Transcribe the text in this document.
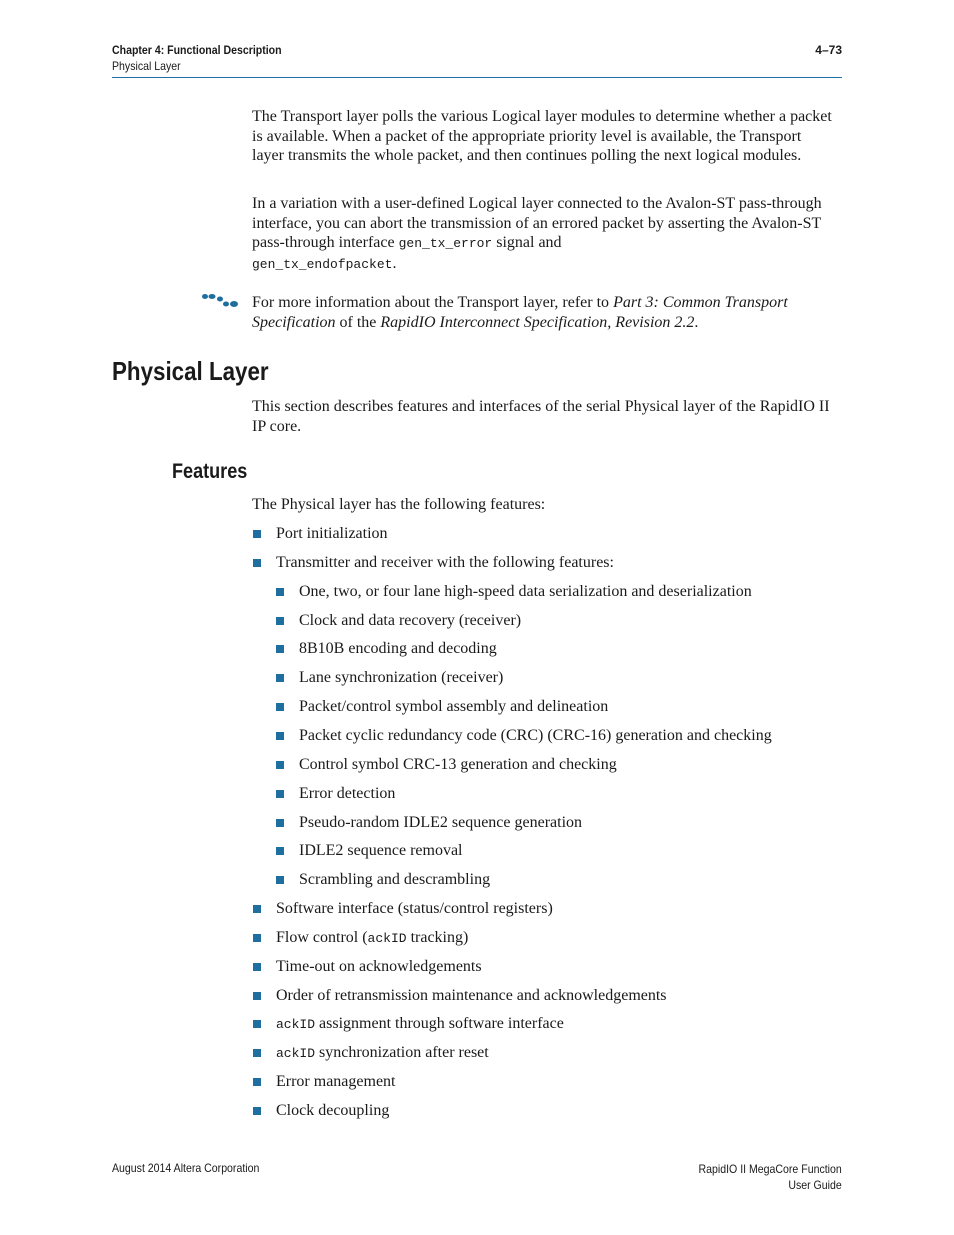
Chapter 4: Functional Description	4–73
Physical Layer

The Transport layer polls the various Logical layer modules to determine whether a packet is available. When a packet of the appropriate priority level is available, the Transport layer transmits the whole packet, and then continues polling the next logical modules.

In a variation with a user-defined Logical layer connected to the Avalon-ST pass-through interface, you can abort the transmission of an errored packet by asserting the Avalon-ST pass-through interface gen_tx_error signal and
gen_tx_endofpacket.

For more information about the Transport layer, refer to Part 3: Common Transport Specification of the RapidIO Interconnect Specification, Revision 2.2.

Physical Layer

This section describes features and interfaces of the serial Physical layer of the RapidIO II IP core.

Features

The Physical layer has the following features:

Port initialization
Transmitter and receiver with the following features:
One, two, or four lane high-speed data serialization and deserialization
Clock and data recovery (receiver)
8B10B encoding and decoding
Lane synchronization (receiver)
Packet/control symbol assembly and delineation
Packet cyclic redundancy code (CRC) (CRC-16) generation and checking
Control symbol CRC-13 generation and checking
Error detection
Pseudo-random IDLE2 sequence generation
IDLE2 sequence removal
Scrambling and descrambling
Software interface (status/control registers)
Flow control (ackID tracking)
Time-out on acknowledgements
Order of retransmission maintenance and acknowledgements
ackID assignment through software interface
ackID synchronization after reset
Error management
Clock decoupling
August 2014 Altera Corporation	RapidIO II MegaCore Function
User Guide
